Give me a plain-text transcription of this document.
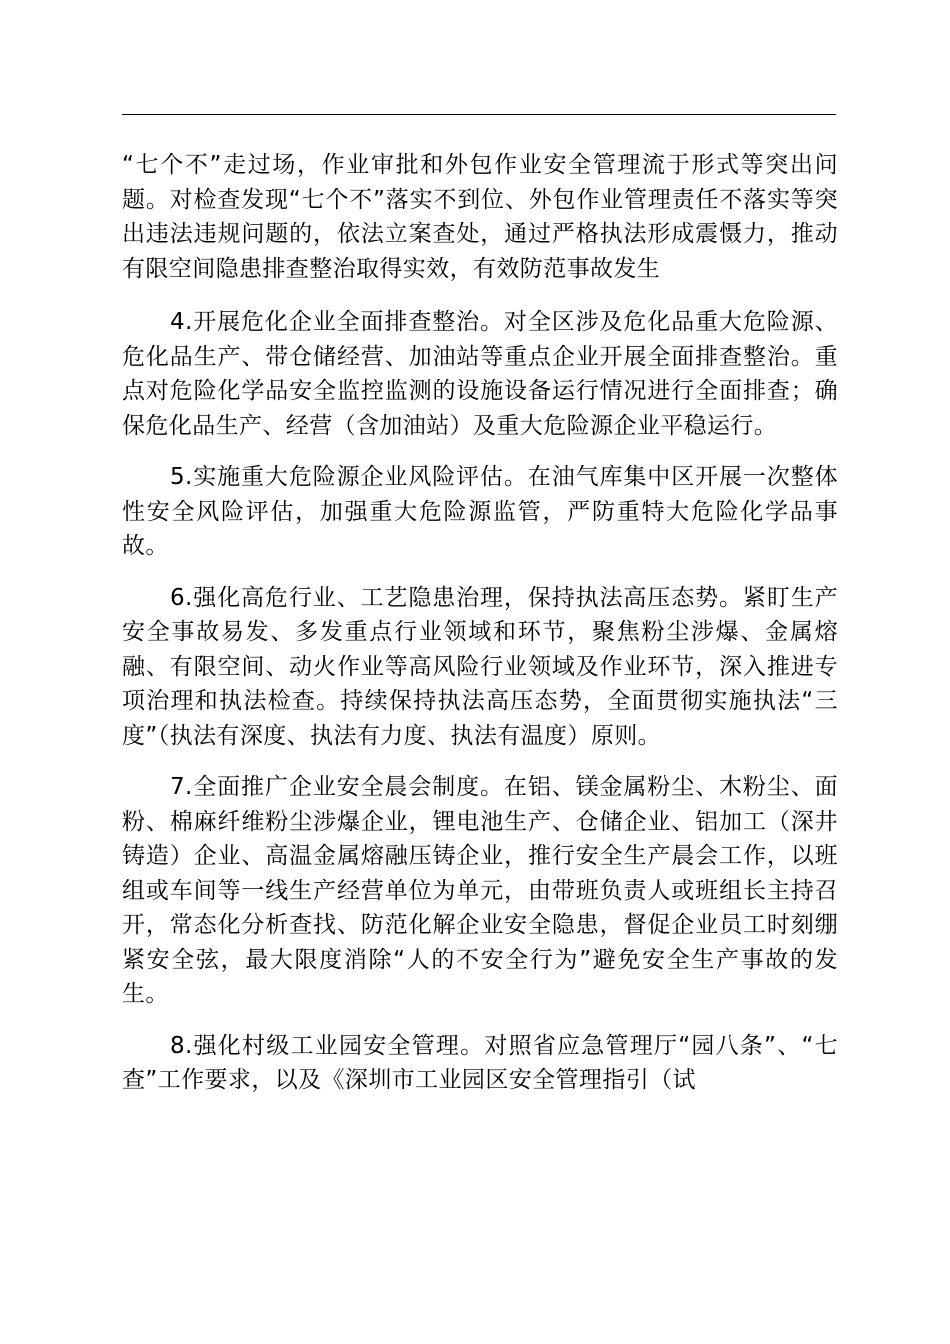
“七个不”走过场，作业审批和外包作业安全管理流于形式等突出问题。对检查发现“七个不”落实不到位、外包作业管理责任不落实等突出违法违规问题的，依法立案查处，通过严格执法形成震慑力，推动有限空间隐患排查整治取得实效，有效防范事故发生

4.开展危化企业全面排查整治。对全区涉及危化品重大危险源、危化品生产、带仓储经营、加油站等重点企业开展全面排查整治。重点对危险化学品安全监控监测的设施设备运行情况进行全面排查；确保危化品生产、经营（含加油站）及重大危险源企业平稳运行。

5.实施重大危险源企业风险评估。在油气库集中区开展一次整体性安全风险评估，加强重大危险源监管，严防重特大危险化学品事故。

6.强化高危行业、工艺隐患治理，保持执法高压态势。紧盯生产安全事故易发、多发重点行业领域和环节，聚焦粉尘涉爆、金属熔融、有限空间、动火作业等高风险行业领域及作业环节，深入推进专项治理和执法检查。持续保持执法高压态势，全面贯彻实施执法“三度”（执法有深度、执法有力度、执法有温度）原则。

7.全面推广企业安全晨会制度。在铝、镁金属粉尘、木粉尘、面粉、棉麻纤维粉尘涉爆企业，锂电池生产、仓储企业、铝加工（深井铸造）企业、高温金属熔融压铸企业，推行安全生产晨会工作，以班组或车间等一线生产经营单位为单元，由带班负责人或班组长主持召开，常态化分析查找、防范化解企业安全隐患，督促企业员工时刻绷紧安全弦，最大限度消除“人的不安全行为”避免安全生产事故的发生。

8.强化村级工业园安全管理。对照省应急管理厅“园八条”、“七查”工作要求，以及《深圳市工业园区安全管理指引（试
